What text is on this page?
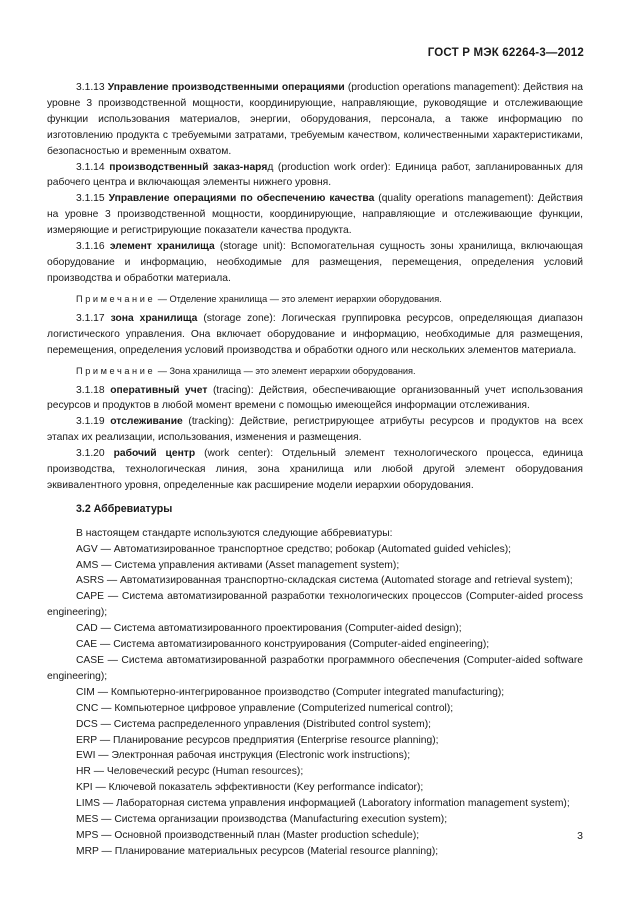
ГОСТ Р МЭК 62264-3—2012

3.1.13 Управление производственными операциями (production operations management): Действия на уровне 3 производственной мощности, координирующие, направляющие, руководящие и отслеживающие функции использования материалов, энергии, оборудования, персонала, а также информацию по изготовлению продукта с требуемыми затратами, требуемым качеством, количественными характеристиками, безопасностью и временным охватом.

3.1.14 производственный заказ-наряд (production work order): Единица работ, запланированных для рабочего центра и включающая элементы нижнего уровня.

3.1.15 Управление операциями по обеспечению качества (quality operations management): Действия на уровне 3 производственной мощности, координирующие, направляющие и отслеживающие функции, измеряющие и регистрирующие показатели качества продукта.

3.1.16 элемент хранилища (storage unit): Вспомогательная сущность зоны хранилища, включающая оборудование и информацию, необходимые для размещения, перемещения, определения условий производства и обработки материала.

Примечание — Отделение хранилища — это элемент иерархии оборудования.

3.1.17 зона хранилища (storage zone): Логическая группировка ресурсов, определяющая диапазон логистического управления. Она включает оборудование и информацию, необходимые для размещения, перемещения, определения условий производства и обработки одного или нескольких элементов материала.

Примечание — Зона хранилища — это элемент иерархии оборудования.

3.1.18 оперативный учет (tracing): Действия, обеспечивающие организованный учет использования ресурсов и продуктов в любой момент времени с помощью имеющейся информации отслеживания.

3.1.19 отслеживание (tracking): Действие, регистрирующее атрибуты ресурсов и продуктов на всех этапах их реализации, использования, изменения и размещения.

3.1.20 рабочий центр (work center): Отдельный элемент технологического процесса, единица производства, технологическая линия, зона хранилища или любой другой элемент оборудования эквивалентного уровня, определенные как расширение модели иерархии оборудования.

3.2 Аббревиатуры

В настоящем стандарте используются следующие аббревиатуры:

AGV — Автоматизированное транспортное средство; робокар (Automated guided vehicles);

AMS — Система управления активами (Asset management system);

ASRS — Автоматизированная транспортно-складская система (Automated storage and retrieval system);

CAPE — Система автоматизированной разработки технологических процессов (Computer-aided process engineering);

CAD — Система автоматизированного проектирования (Computer-aided design);

CAE — Система автоматизированного конструирования (Computer-aided engineering);

CASE — Система автоматизированной разработки программного обеспечения (Computer-aided software engineering);

CIM — Компьютерно-интегрированное производство (Computer integrated manufacturing);

CNC — Компьютерное цифровое управление (Computerized numerical control);

DCS — Система распределенного управления (Distributed control system);

ERP — Планирование ресурсов предприятия (Enterprise resource planning);

EWI — Электронная рабочая инструкция (Electronic work instructions);

HR — Человеческий ресурс (Human resources);

KPI — Ключевой показатель эффективности (Key performance indicator);

LIMS — Лабораторная система управления информацией (Laboratory information management system);

MES — Система организации производства (Manufacturing execution system);

MPS — Основной производственный план (Master production schedule);

MRP — Планирование материальных ресурсов (Material resource planning);

3
